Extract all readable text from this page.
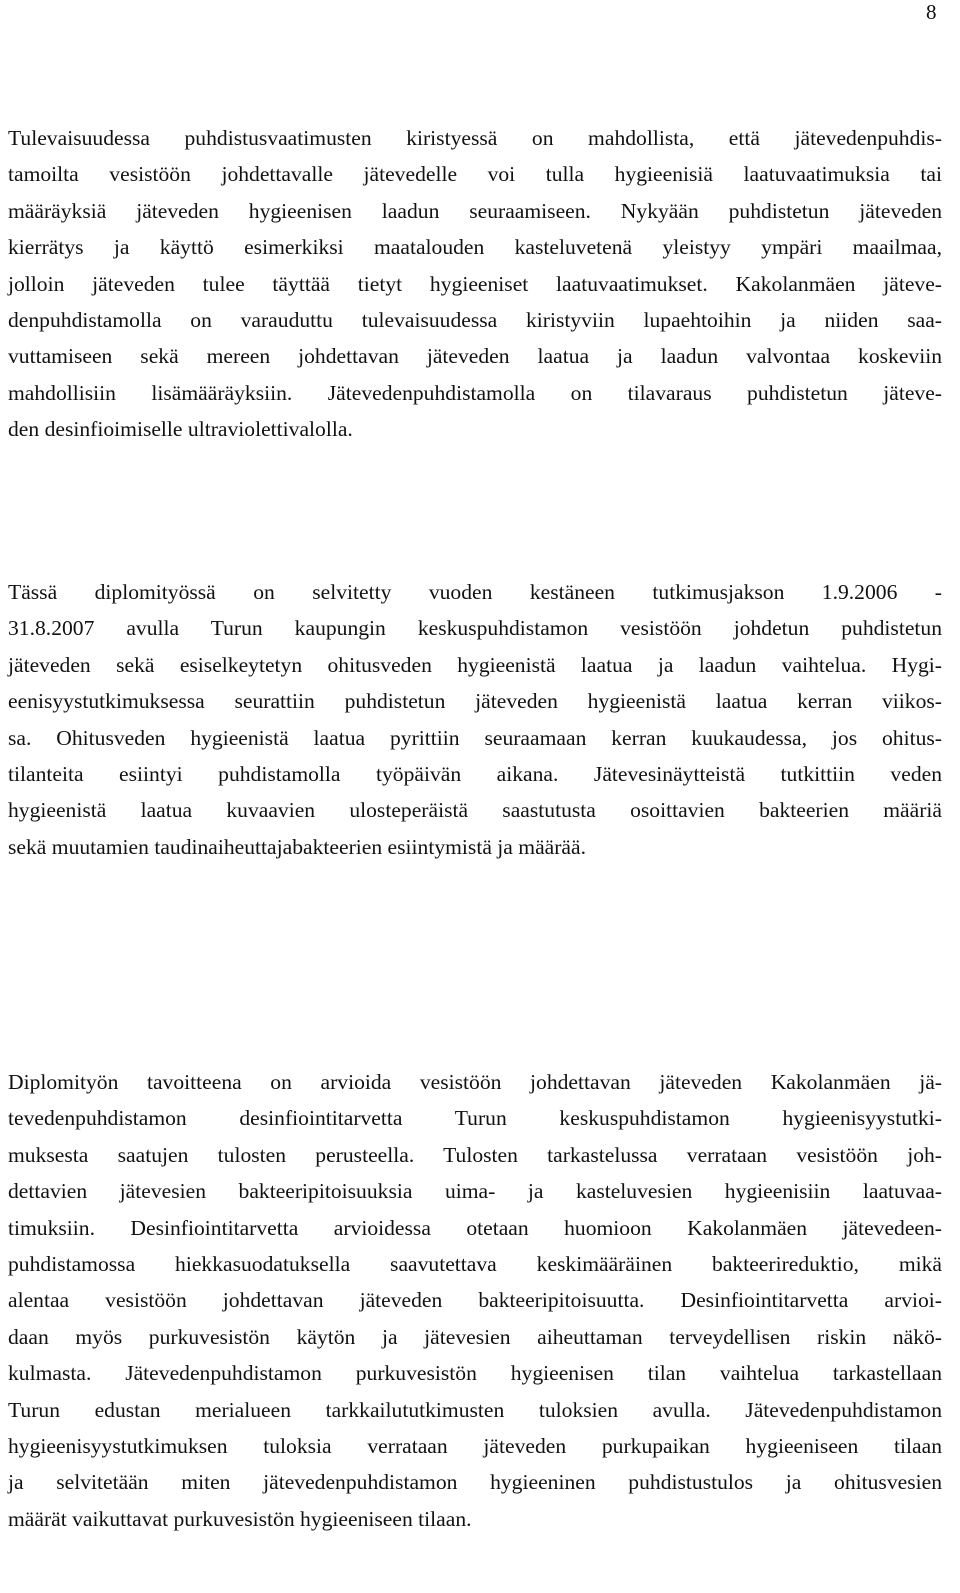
8
Tulevaisuudessa puhdistusvaatimusten kiristyessä on mahdollista, että jätevedenpuhdis-
tamoilta vesistöön johdettavalle jätevedelle voi tulla hygieenisiä laatuvaatimuksia tai
määräyksiä jäteveden hygieenisen laadun seuraamiseen. Nykyään puhdistetun jäteveden
kierrätys ja käyttö esimerkiksi maatalouden kasteluvetenä yleistyy ympäri maailmaa,
jolloin jäteveden tulee täyttää tietyt hygieeniset laatuvaatimukset. Kakolanmäen jäteve-
denpuhdistamolla on varauduttu tulevaisuudessa kiristyviin lupaehtoihin ja niiden saa-
vuttamiseen sekä mereen johdettavan jäteveden laatua ja laadun valvontaa koskeviin
mahdollisiin lisämääräyksiin. Jätevedenpuhdistamolla on tilavaraus puhdistetun jäteve-
den desinfioimiselle ultraviolettivalolla.
Tässä diplomityössä on selvitetty vuoden kestäneen tutkimusjakson 1.9.2006 -
31.8.2007 avulla Turun kaupungin keskuspuhdistamon vesistöön johdetun puhdistetun
jäteveden sekä esiselkeytetyn ohitusveden hygieenistä laatua ja laadun vaihtelua. Hygi-
eenisyystutkimuksessa seurattiin puhdistetun jäteveden hygieenistä laatua kerran viikos-
sa. Ohitusveden hygieenistä laatua pyrittiin seuraamaan kerran kuukaudessa, jos ohitus-
tilanteita esiintyi puhdistamolla työpäivän aikana. Jätevesinäytteistä tutkittiin veden
hygieenistä laatua kuvaavien ulosteperäistä saastutusta osoittavien bakteerien määriä
sekä muutamien taudinaiheuttajabakteerien esiintymistä ja määrää.
Diplomityön tavoitteena on arvioida vesistöön johdettavan jäteveden Kakolanmäen jä-
tevedenpuhdistamon desinfiointitarvetta Turun keskuspuhdistamon hygieenisyystutki-
muksesta saatujen tulosten perusteella. Tulosten tarkastelussa verrataan vesistöön joh-
dettavien jätevesien bakteeripitoisuuksia uima- ja kasteluvesien hygieenisiin laatuvaa-
timuksiin. Desinfiointitarvetta arvioidessa otetaan huomioon Kakolanmäen jätevedeen-
puhdistamossa hiekkasuodatuksella saavutettava keskimääräinen bakteerireduktio, mikä
alentaa vesistöön johdettavan jäteveden bakteeripitoisuutta. Desinfiointitarvetta arvioi-
daan myös purkuvesistön käytön ja jätevesien aiheuttaman terveydellisen riskin näkö-
kulmasta. Jätevedenpuhdistamon purkuvesistön hygieenisen tilan vaihtelua tarkastellaan
Turun edustan merialueen tarkkailututkimusten tuloksien avulla. Jätevedenpuhdistamon
hygieenisyystutkimuksen tuloksia verrataan jäteveden purkupaikan hygieeniseen tilaan
ja selvitetään miten jätevedenpuhdistamon hygieeninen puhdistustulos ja ohitusvesien
määrät vaikuttavat purkuvesistön hygieeniseen tilaan.
